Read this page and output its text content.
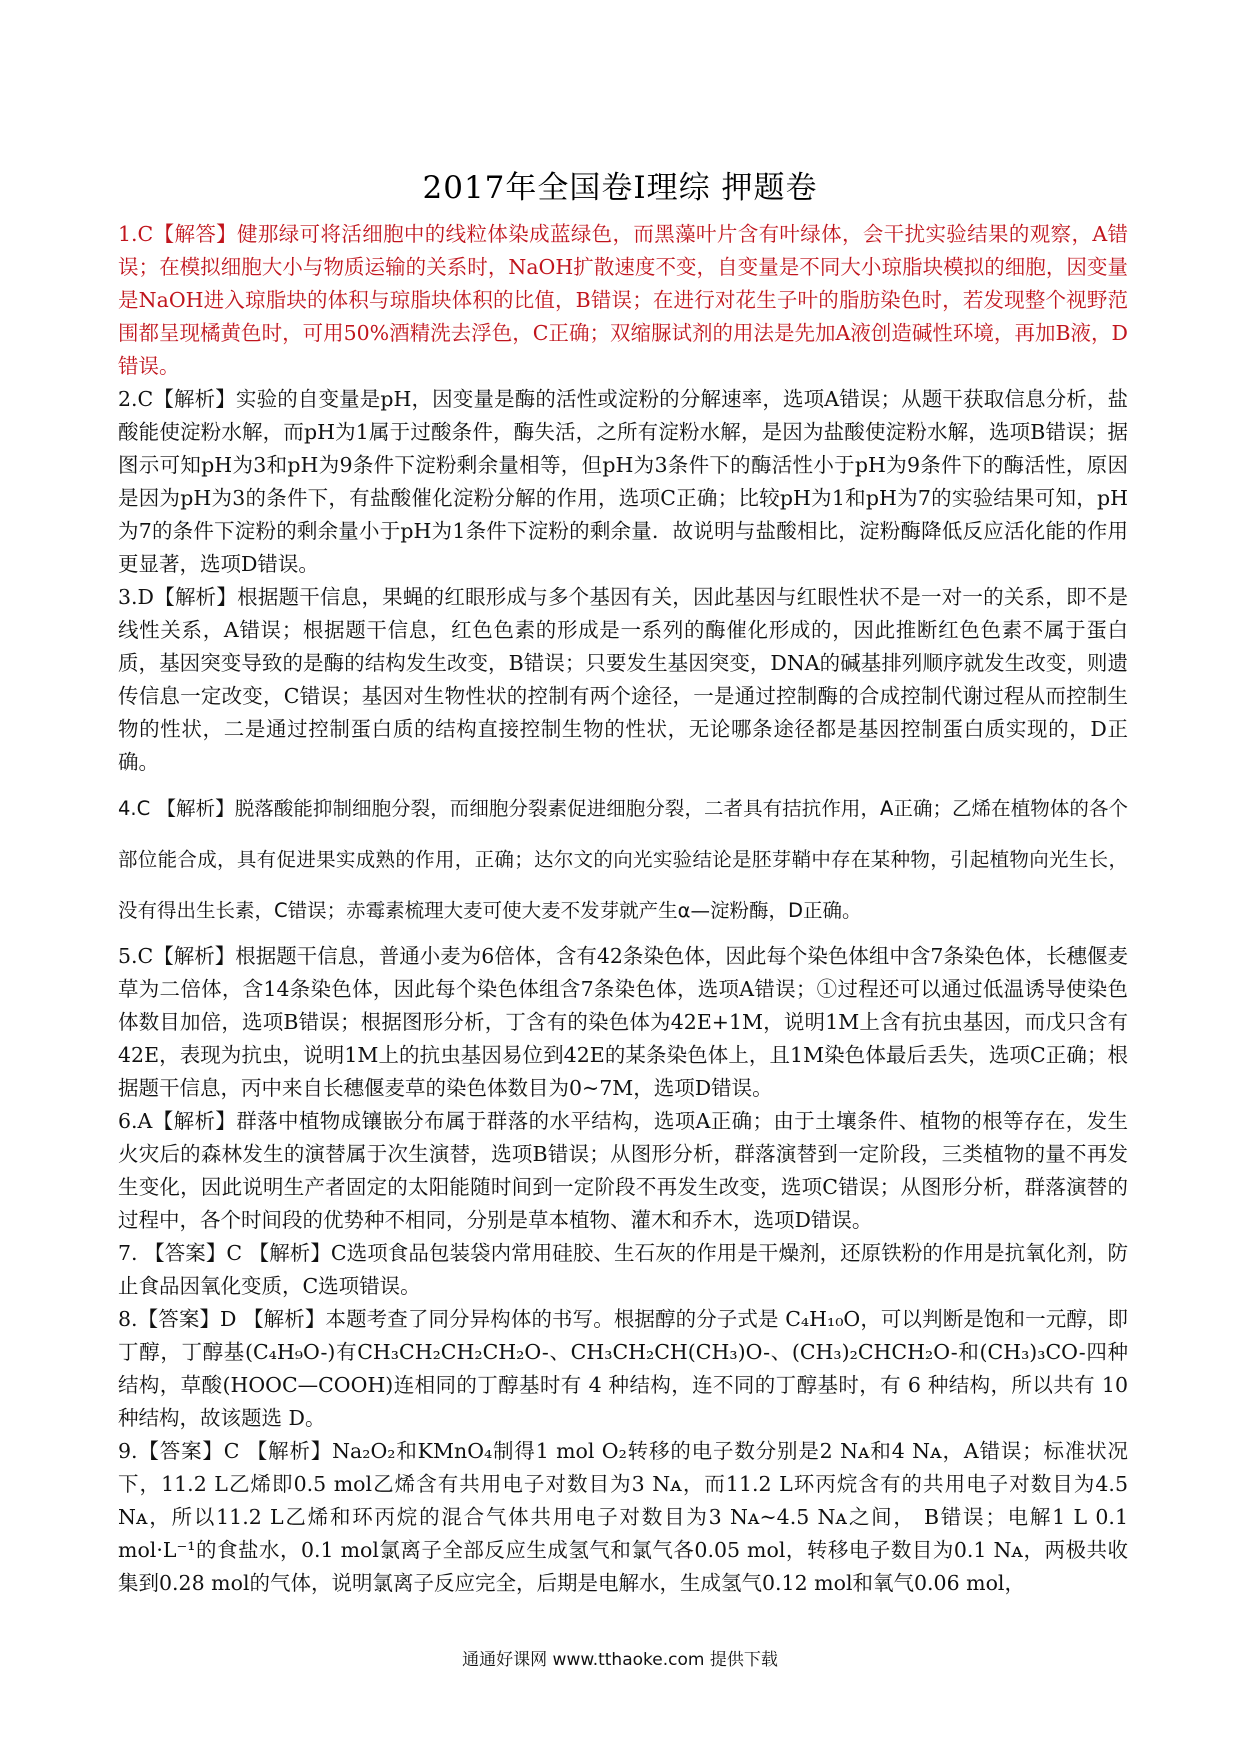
2017年全国卷Ⅰ理综 押题卷

1.C【解答】健那绿可将活细胞中的线粒体染成蓝绿色，而黑藻叶片含有叶绿体，会干扰实验结果的观察，A错误；在模拟细胞大小与物质运输的关系时，NaOH扩散速度不变，自变量是不同大小琼脂块模拟的细胞，因变量是NaOH进入琼脂块的体积与琼脂块体积的比值，B错误；在进行对花生子叶的脂肪染色时，若发现整个视野范围都呈现橘黄色时，可用50%酒精洗去浮色，C正确；双缩脲试剂的用法是先加A液创造碱性环境，再加B液，D错误。

2.C【解析】实验的自变量是pH，因变量是酶的活性或淀粉的分解速率，选项A错误；从题干获取信息分析，盐酸能使淀粉水解，而pH为1属于过酸条件，酶失活，之所有淀粉水解，是因为盐酸使淀粉水解，选项B错误；据图示可知pH为3和pH为9条件下淀粉剩余量相等，但pH为3条件下的酶活性小于pH为9条件下的酶活性，原因是因为pH为3的条件下，有盐酸催化淀粉分解的作用，选项C正确；比较pH为1和pH为7的实验结果可知，pH为7的条件下淀粉的剩余量小于pH为1条件下淀粉的剩余量．故说明与盐酸相比，淀粉酶降低反应活化能的作用更显著，选项D错误。

3.D【解析】根据题干信息，果蝇的红眼形成与多个基因有关，因此基因与红眼性状不是一对一的关系，即不是线性关系，A错误；根据题干信息，红色色素的形成是一系列的酶催化形成的，因此推断红色色素不属于蛋白质，基因突变导致的是酶的结构发生改变，B错误；只要发生基因突变，DNA的碱基排列顺序就发生改变，则遗传信息一定改变，C错误；基因对生物性状的控制有两个途径，一是通过控制酶的合成控制代谢过程从而控制生物的性状，二是通过控制蛋白质的结构直接控制生物的性状，无论哪条途径都是基因控制蛋白质实现的，D正确。

4.C 【解析】脱落酸能抑制细胞分裂，而细胞分裂素促进细胞分裂，二者具有拮抗作用，A正确；乙烯在植物体的各个部位能合成，具有促进果实成熟的作用，正确；达尔文的向光实验结论是胚芽鞘中存在某种物，引起植物向光生长，没有得出生长素，C错误；赤霉素梳理大麦可使大麦不发芽就产生α—淀粉酶，D正确。

5.C【解析】根据题干信息，普通小麦为6倍体，含有42条染色体，因此每个染色体组中含7条染色体，长穗偃麦草为二倍体，含14条染色体，因此每个染色体组含7条染色体，选项A错误；①过程还可以通过低温诱导使染色体数目加倍，选项B错误；根据图形分析，丁含有的染色体为42E+1M，说明1M上含有抗虫基因，而戊只含有42E，表现为抗虫，说明1M上的抗虫基因易位到42E的某条染色体上，且1M染色体最后丢失，选项C正确；根据题干信息，丙中来自长穗偃麦草的染色体数目为0~7M，选项D错误。

6.A【解析】群落中植物成镶嵌分布属于群落的水平结构，选项A正确；由于土壤条件、植物的根等存在，发生火灾后的森林发生的演替属于次生演替，选项B错误；从图形分析，群落演替到一定阶段，三类植物的量不再发生变化，因此说明生产者固定的太阳能随时间到一定阶段不再发生改变，选项C错误；从图形分析，群落演替的过程中，各个时间段的优势种不相同，分别是草本植物、灌木和乔木，选项D错误。

7. 【答案】C 【解析】C选项食品包装袋内常用硅胶、生石灰的作用是干燥剂，还原铁粉的作用是抗氧化剂，防止食品因氧化变质，C选项错误。

8.【答案】D 【解析】本题考查了同分异构体的书写。根据醇的分子式是 C₄H₁₀O，可以判断是饱和一元醇，即丁醇，丁醇基(C₄H₉O-)有CH₃CH₂CH₂CH₂O-、CH₃CH₂CH(CH₃)O-、(CH₃)₂CHCH₂O-和(CH₃)₃CO-四种结构，草酸(HOOC—COOH)连相同的丁醇基时有 4 种结构，连不同的丁醇基时，有 6 种结构，所以共有 10 种结构，故该题选 D。

9.【答案】C 【解析】Na₂O₂和KMnO₄制得1 mol O₂转移的电子数分别是2 Nᴀ和4 Nᴀ，A错误；标准状况下，11.2 L乙烯即0.5 mol乙烯含有共用电子对数目为3 Nᴀ，而11.2 L环丙烷含有的共用电子对数目为4.5 Nᴀ，所以11.2 L乙烯和环丙烷的混合气体共用电子对数目为3 Nᴀ~4.5 Nᴀ之间， B错误；电解1 L 0.1 mol·L⁻¹的食盐水，0.1 mol氯离子全部反应生成氢气和氯气各0.05 mol，转移电子数目为0.1 Nᴀ，两极共收集到0.28 mol的气体，说明氯离子反应完全，后期是电解水，生成氢气0.12 mol和氧气0.06 mol，

通通好课网 www.tthaoke.com 提供下载
